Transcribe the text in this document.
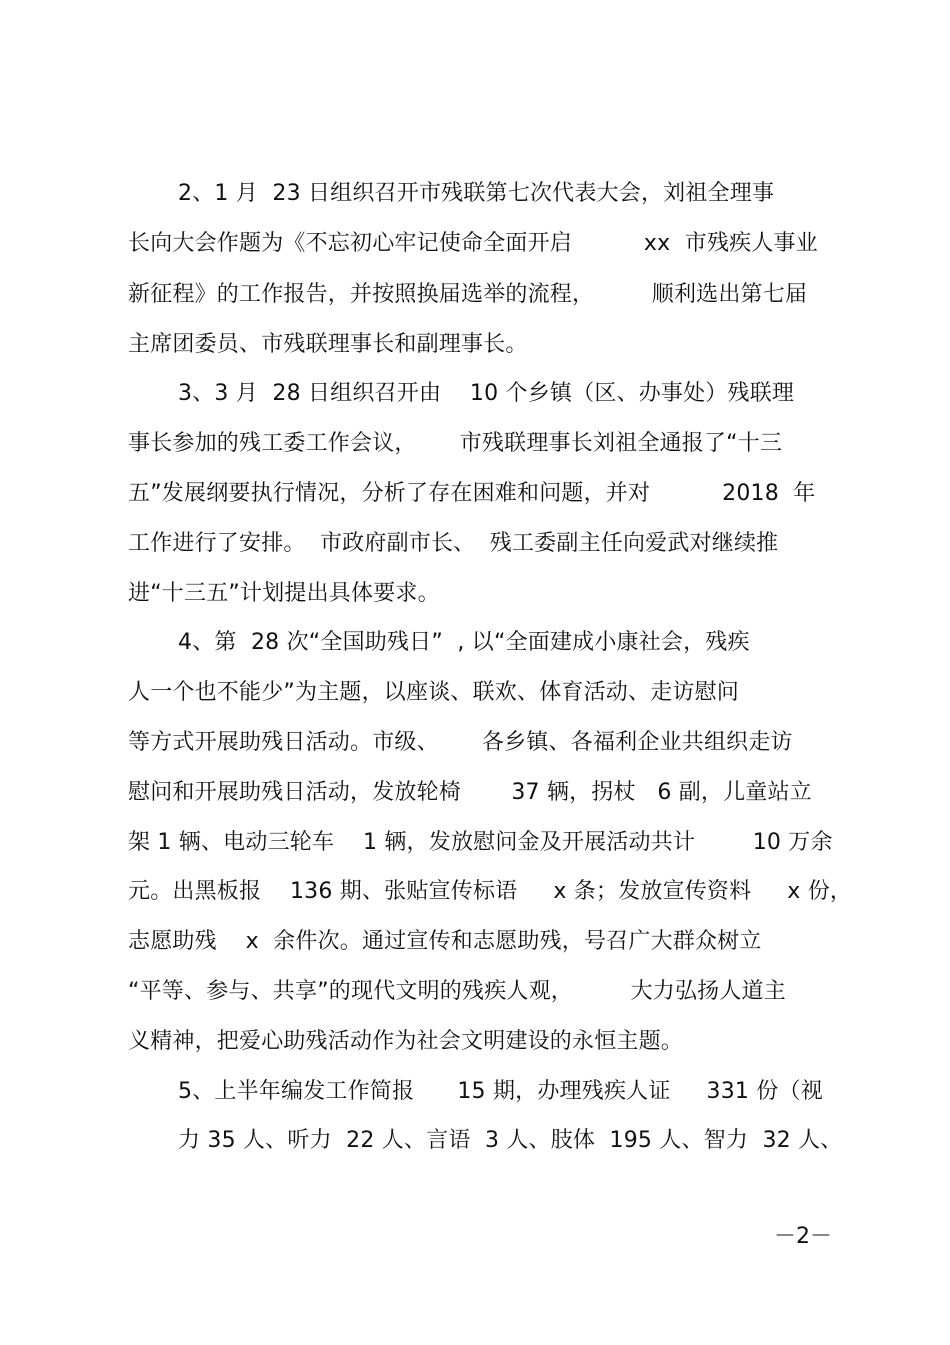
2、1 月  23 日组织召开市残联第七次代表大会，刘祖全理事
长向大会作题为《不忘初心牢记使命全面开启          xx  市残疾人事业
新征程》的工作报告，并按照换届选举的流程，        顺利选出第七届
主席团委员、市残联理事长和副理事长。
3、3 月  28 日组织召开由    10 个乡镇（区、办事处）残联理
事长参加的残工委工作会议，      市残联理事长刘祖全通报了“十三
五”发展纲要执行情况，分析了存在困难和问题，并对          2018  年
工作进行了安排。  市政府副市长、  残工委副主任向爱武对继续推
进“十三五”计划提出具体要求。
4、第  28 次“全国助残日”  , 以“全面建成小康社会，残疾
人一个也不能少”为主题，以座谈、联欢、体育活动、走访慰问
等方式开展助残日活动。市级、      各乡镇、各福利企业共组织走访
慰问和开展助残日活动，发放轮椅       37 辆，拐杖   6 副，儿童站立
架 1 辆、电动三轮车    1 辆，发放慰问金及开展活动共计        10 万余
元。出黑板报    136 期、张贴宣传标语     x 条；发放宣传资料     x 份，
志愿助残    x  余件次。通过宣传和志愿助残，号召广大群众树立
“平等、参与、共享”的现代文明的残疾人观，        大力弘扬人道主
义精神，把爱心助残活动作为社会文明建设的永恒主题。
5、上半年编发工作简报      15 期，办理残疾人证     331 份（视
力 35 人、听力  22 人、言语  3 人、肢体  195 人、智力  32 人、
－2－
